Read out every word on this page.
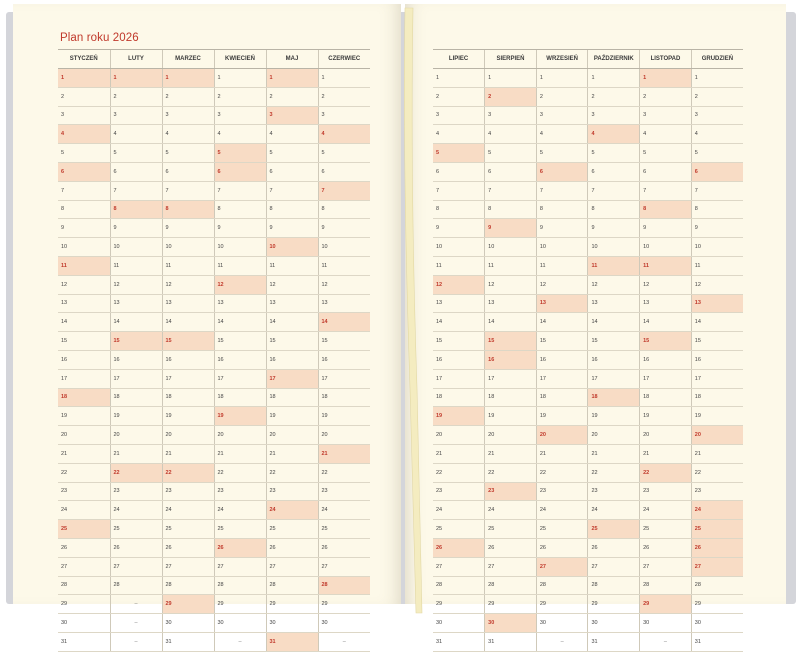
Plan roku 2026
STYCZEŃ	LUTY	MARZEC	KWIECIEŃ	MAJ	CZERWIEC
1	1	1	1	1	1
2	2	2	2	2	2
3	3	3	3	3	3
4	4	4	4	4	4
5	5	5	5	5	5
6	6	6	6	6	6
7	7	7	7	7	7
8	8	8	8	8	8
9	9	9	9	9	9
10	10	10	10	10	10
11	11	11	11	11	11
12	12	12	12	12	12
13	13	13	13	13	13
14	14	14	14	14	14
15	15	15	15	15	15
16	16	16	16	16	16
17	17	17	17	17	17
18	18	18	18	18	18
19	19	19	19	19	19
20	20	20	20	20	20
21	21	21	21	21	21
22	22	22	22	22	22
23	23	23	23	23	23
24	24	24	24	24	24
25	25	25	25	25	25
26	26	26	26	26	26
27	27	27	27	27	27
28	28	28	28	28	28
29	–	29	29	29	29
30	–	30	30	30	30
31	–	31	–	31	–
LIPIEC	SIERPIEŃ	WRZESIEŃ	PAŹDZIERNIK	LISTOPAD	GRUDZIEŃ
1	1	1	1	1	1
2	2	2	2	2	2
3	3	3	3	3	3
4	4	4	4	4	4
5	5	5	5	5	5
6	6	6	6	6	6
7	7	7	7	7	7
8	8	8	8	8	8
9	9	9	9	9	9
10	10	10	10	10	10
11	11	11	11	11	11
12	12	12	12	12	12
13	13	13	13	13	13
14	14	14	14	14	14
15	15	15	15	15	15
16	16	16	16	16	16
17	17	17	17	17	17
18	18	18	18	18	18
19	19	19	19	19	19
20	20	20	20	20	20
21	21	21	21	21	21
22	22	22	22	22	22
23	23	23	23	23	23
24	24	24	24	24	24
25	25	25	25	25	25
26	26	26	26	26	26
27	27	27	27	27	27
28	28	28	28	28	28
29	29	29	29	29	29
30	30	30	30	30	30
31	31	–	31	–	31
